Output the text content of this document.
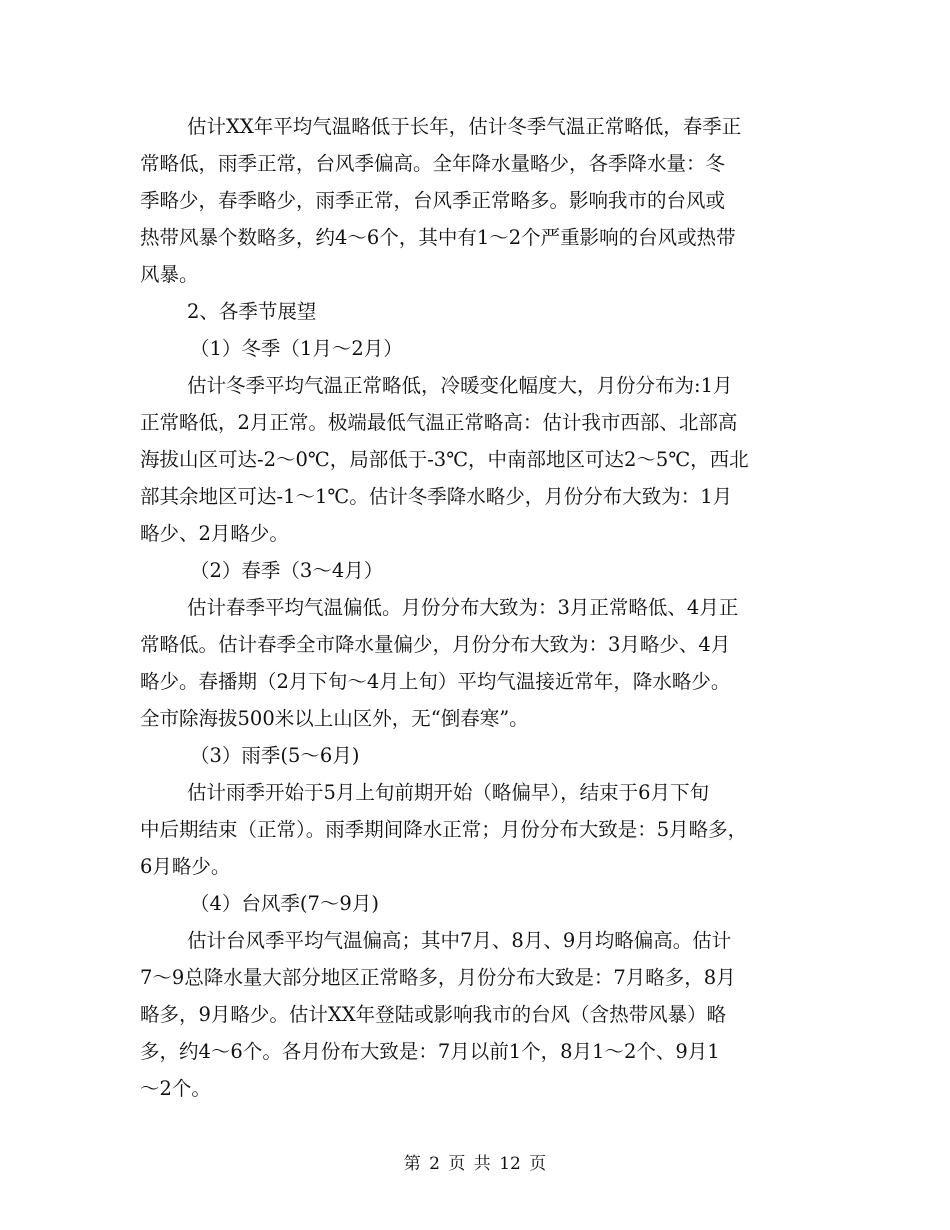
估计XX年平均气温略低于长年，估计冬季气温正常略低，春季正
常略低，雨季正常，台风季偏高。全年降水量略少，各季降水量：冬
季略少，春季略少，雨季正常，台风季正常略多。影响我市的台风或
热带风暴个数略多，约4～6个，其中有1～2个严重影响的台风或热带
风暴。
2、各季节展望
（1）冬季（1月～2月）
估计冬季平均气温正常略低，冷暖变化幅度大，月份分布为:1月
正常略低，2月正常。极端最低气温正常略高：估计我市西部、北部高
海拔山区可达-2～0℃，局部低于-3℃，中南部地区可达2～5℃，西北
部其余地区可达-1～1℃。估计冬季降水略少，月份分布大致为：1月
略少、2月略少。
（2）春季（3～4月）
估计春季平均气温偏低。月份分布大致为：3月正常略低、4月正
常略低。估计春季全市降水量偏少，月份分布大致为：3月略少、4月
略少。春播期（2月下旬～4月上旬）平均气温接近常年，降水略少。
全市除海拔500米以上山区外，无“倒春寒”。
（3）雨季(5～6月)
估计雨季开始于5月上旬前期开始（略偏早），结束于6月下旬
中后期结束（正常）。雨季期间降水正常；月份分布大致是：5月略多，
6月略少。
（4）台风季(7～9月)
估计台风季平均气温偏高；其中7月、8月、9月均略偏高。估计
7～9总降水量大部分地区正常略多，月份分布大致是：7月略多，8月
略多，9月略少。估计XX年登陆或影响我市的台风（含热带风暴）略
多，约4～6个。各月份布大致是：7月以前1个，8月1～2个、9月1
～2个。
第 2 页 共 12 页
